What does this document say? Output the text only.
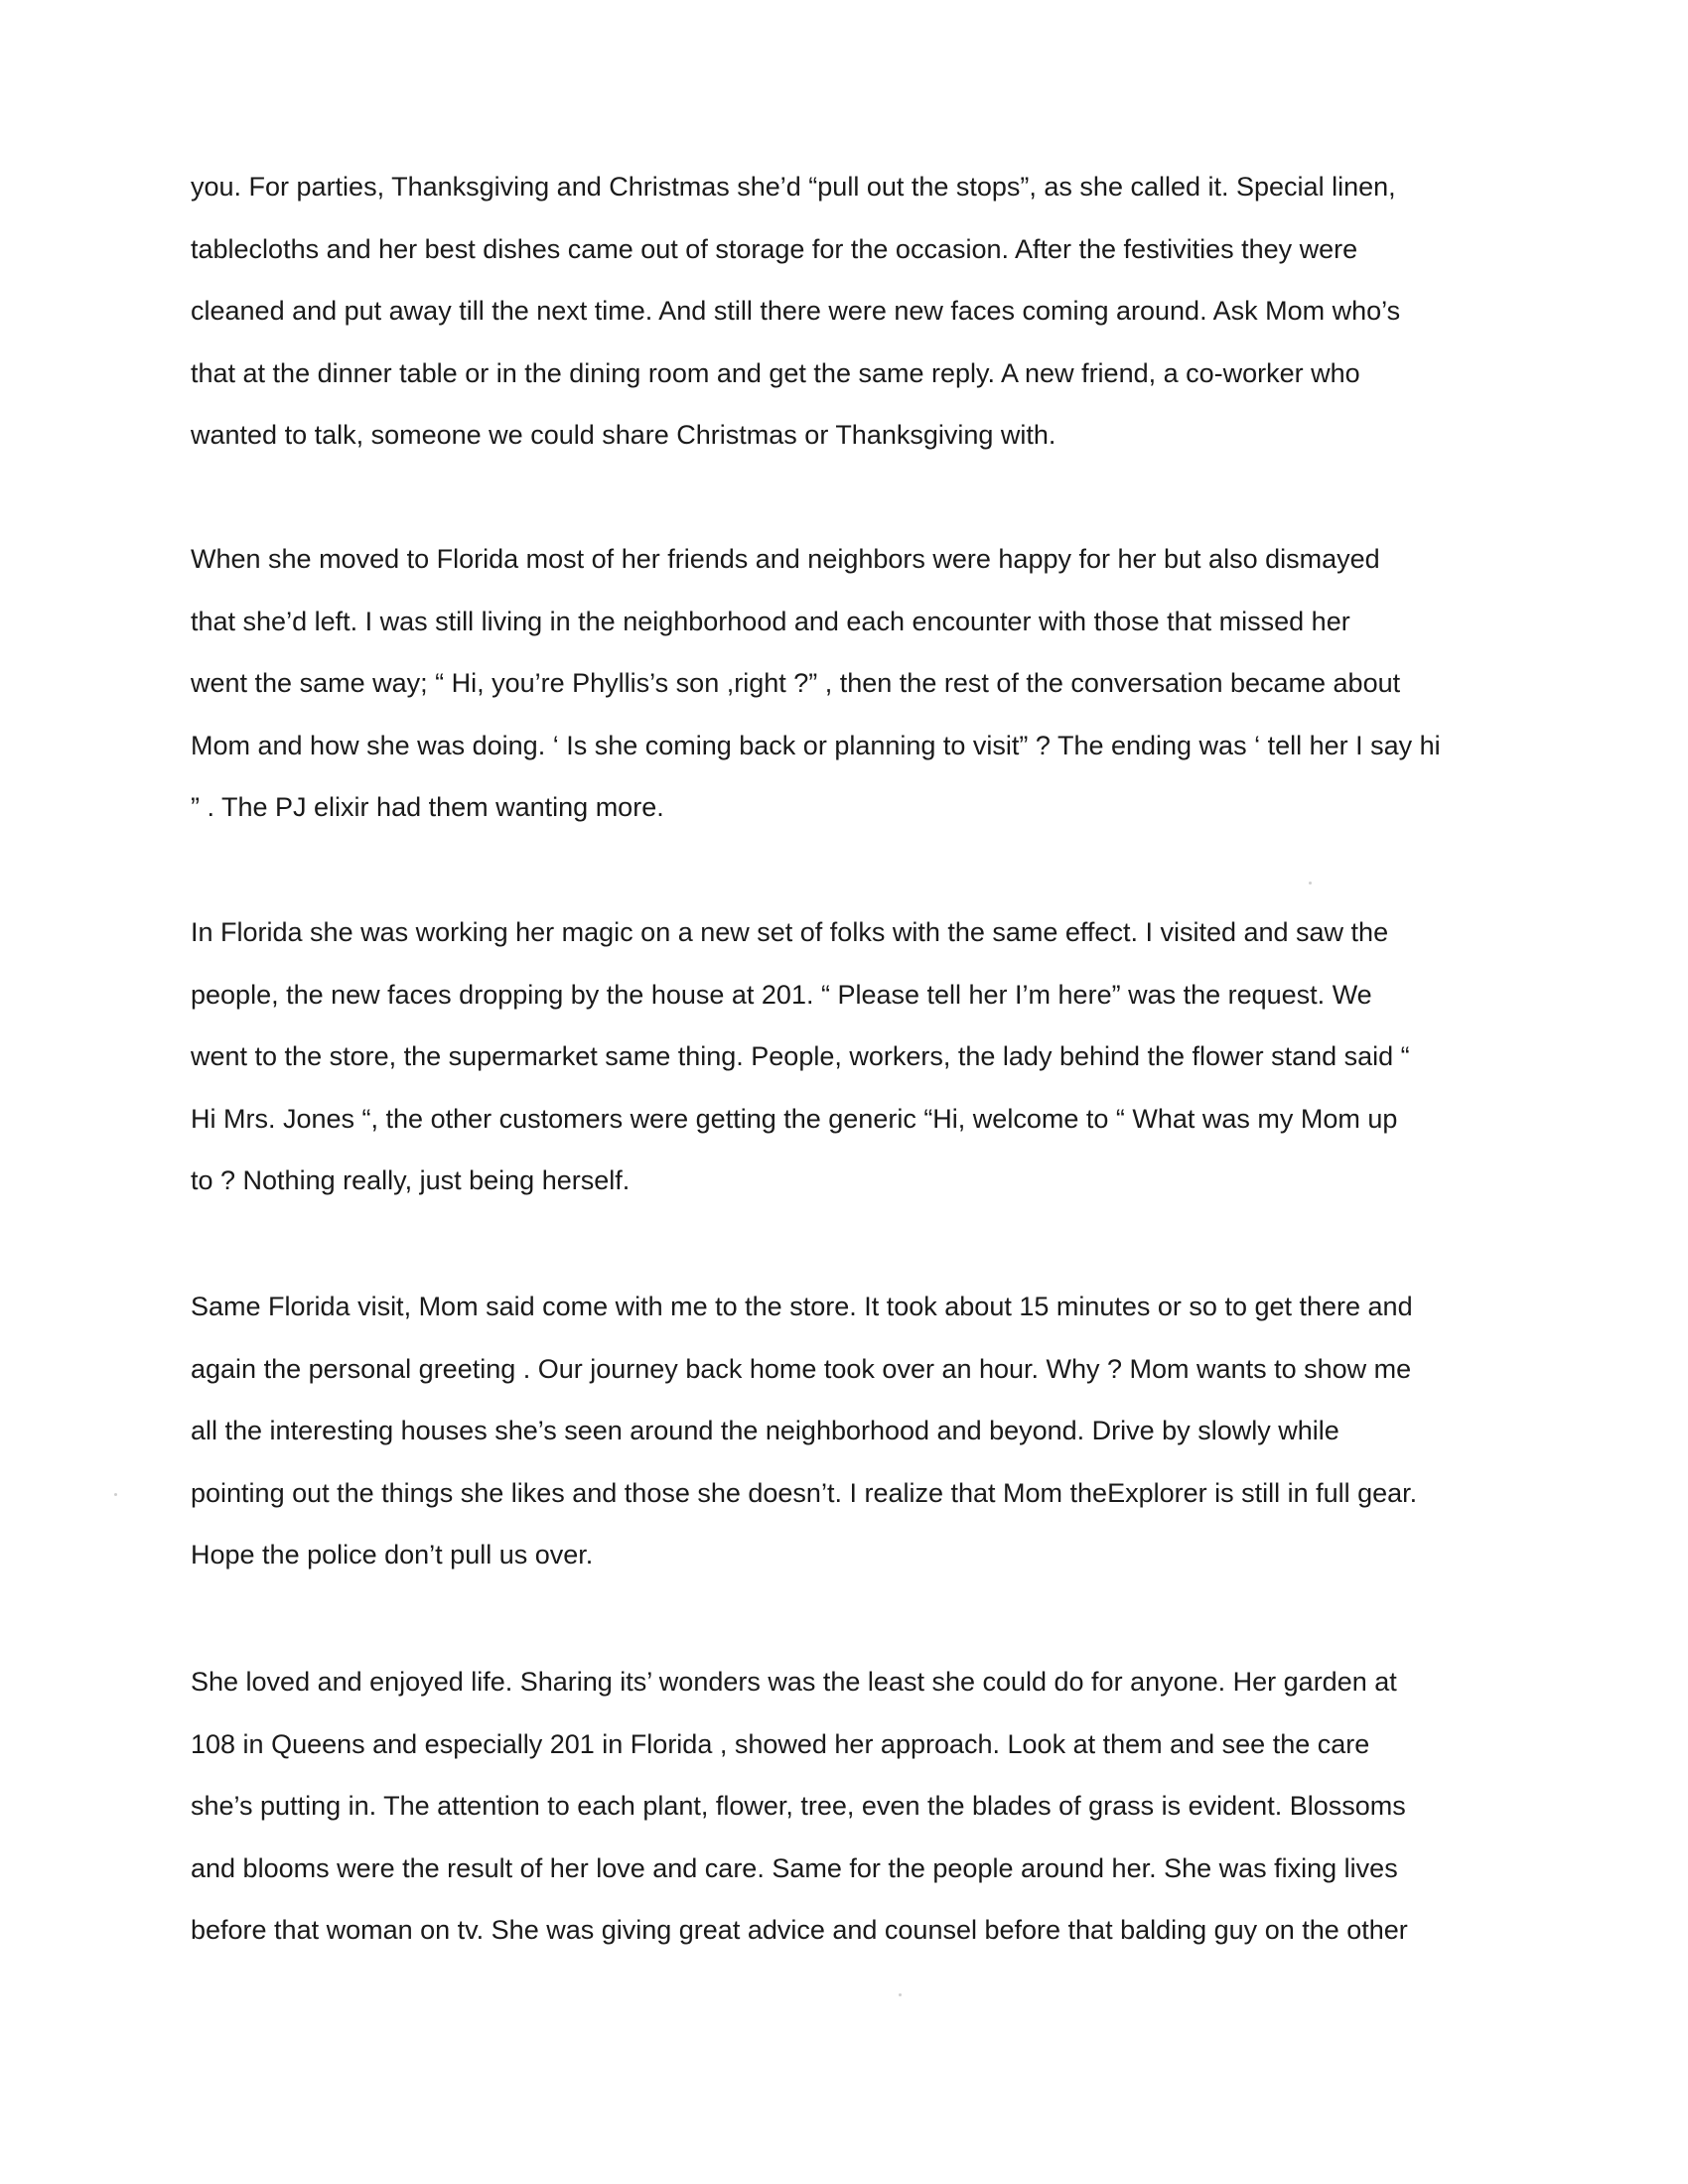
you. For parties, Thanksgiving and Christmas she’d “pull out the stops”, as she called it. Special linen,
tablecloths and her best dishes came out of storage for the occasion. After the festivities they were
cleaned and put away till the next time. And still there were new faces coming around. Ask Mom who’s
that at the dinner table or in the dining room and get the same reply. A new friend, a co-worker who
wanted to talk, someone we could share Christmas or Thanksgiving with.
When she moved to Florida most of her friends and neighbors were happy for her but also dismayed
that she’d left. I was still living in the neighborhood and each encounter with those that missed her
went the same way; “ Hi, you’re Phyllis’s son ,right ?” , then the rest of the conversation became about
Mom and how she was doing. ‘ Is she coming back or planning to visit” ? The ending was ‘ tell her I say hi
” . The PJ elixir had them wanting more.
In Florida she was working her magic on a new set of folks with the same effect. I visited and saw the
people, the new faces dropping by the house at 201. “ Please tell her I’m here” was the request. We
went to the store, the supermarket same thing. People, workers, the lady behind the flower stand said “
Hi Mrs. Jones “, the other customers were getting the generic “Hi, welcome to “ What was my Mom up
to ? Nothing really, just being herself.
Same Florida visit, Mom said come with me to the store. It took about 15 minutes or so to get there and
again the personal greeting . Our journey back home took over an hour. Why ? Mom wants to show me
all the interesting houses she’s seen around the neighborhood and beyond. Drive by slowly while
pointing out the things she likes and those she doesn’t. I realize that Mom theExplorer is still in full gear.
Hope the police don’t pull us over.
She loved and enjoyed life. Sharing its’ wonders was the least she could do for anyone. Her garden at
108 in Queens and especially 201 in Florida , showed her approach. Look at them and see the care
she’s putting in. The attention to each plant, flower, tree, even the blades of grass is evident. Blossoms
and blooms were the result of her love and care. Same for the people around her. She was fixing lives
before that woman on tv. She was giving great advice and counsel before that balding guy on the other
